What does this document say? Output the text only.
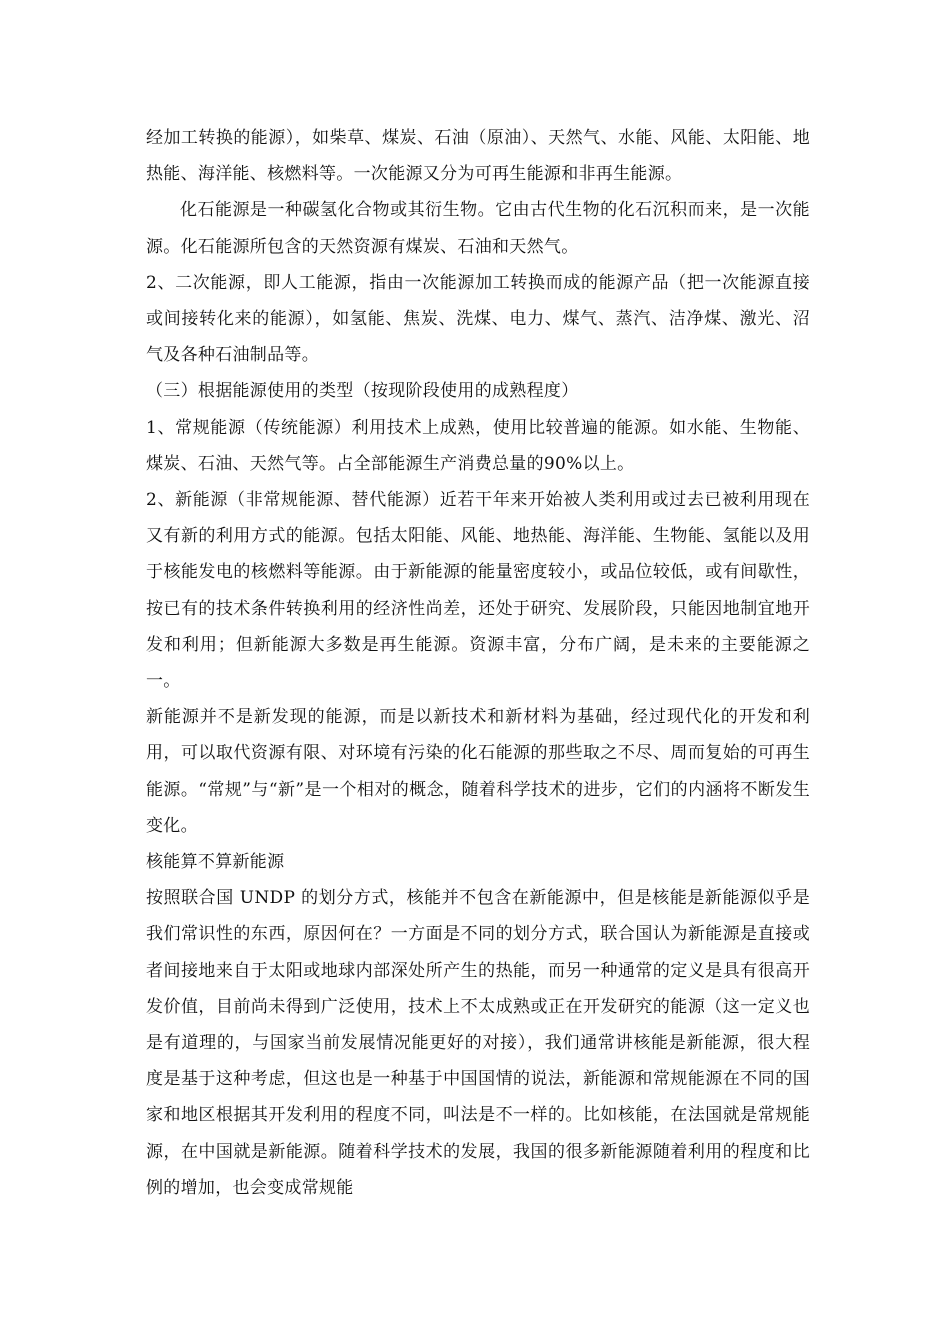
经加工转换的能源），如柴草、煤炭、石油（原油）、天然气、水能、风能、太阳能、地热能、海洋能、核燃料等。一次能源又分为可再生能源和非再生能源。

化石能源是一种碳氢化合物或其衍生物。它由古代生物的化石沉积而来，是一次能源。化石能源所包含的天然资源有煤炭、石油和天然气。

2、二次能源，即人工能源，指由一次能源加工转换而成的能源产品（把一次能源直接或间接转化来的能源），如氢能、焦炭、洗煤、电力、煤气、蒸汽、洁净煤、激光、沼气及各种石油制品等。

（三）根据能源使用的类型（按现阶段使用的成熟程度）

1、常规能源（传统能源）利用技术上成熟，使用比较普遍的能源。如水能、生物能、煤炭、石油、天然气等。占全部能源生产消费总量的90%以上。

2、新能源（非常规能源、替代能源）近若干年来开始被人类利用或过去已被利用现在又有新的利用方式的能源。包括太阳能、风能、地热能、海洋能、生物能、氢能以及用于核能发电的核燃料等能源。由于新能源的能量密度较小，或品位较低，或有间歇性，按已有的技术条件转换利用的经济性尚差，还处于研究、发展阶段，只能因地制宜地开发和利用；但新能源大多数是再生能源。资源丰富，分布广阔，是未来的主要能源之一。

新能源并不是新发现的能源，而是以新技术和新材料为基础，经过现代化的开发和利用，可以取代资源有限、对环境有污染的化石能源的那些取之不尽、周而复始的可再生能源。“常规”与“新”是一个相对的概念，随着科学技术的进步，它们的内涵将不断发生变化。

核能算不算新能源

按照联合国 UNDP 的划分方式，核能并不包含在新能源中，但是核能是新能源似乎是我们常识性的东西，原因何在？一方面是不同的划分方式，联合国认为新能源是直接或者间接地来自于太阳或地球内部深处所产生的热能，而另一种通常的定义是具有很高开发价值，目前尚未得到广泛使用，技术上不太成熟或正在开发研究的能源（这一定义也是有道理的，与国家当前发展情况能更好的对接），我们通常讲核能是新能源，很大程度是基于这种考虑，但这也是一种基于中国国情的说法，新能源和常规能源在不同的国家和地区根据其开发利用的程度不同，叫法是不一样的。比如核能，在法国就是常规能源，在中国就是新能源。随着科学技术的发展，我国的很多新能源随着利用的程度和比例的增加，也会变成常规能
